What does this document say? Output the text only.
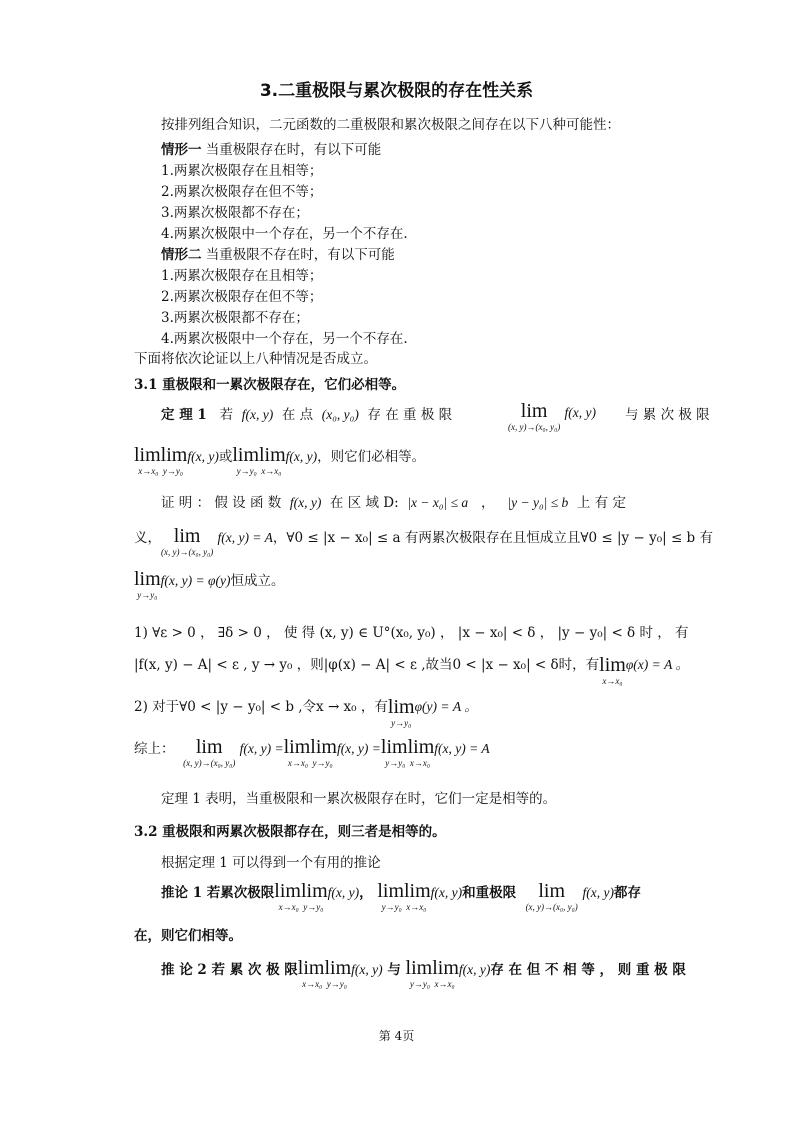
3.二重极限与累次极限的存在性关系
按排列组合知识，二元函数的二重极限和累次极限之间存在以下八种可能性：
情形一 当重极限存在时，有以下可能
1.两累次极限存在且相等；
2.两累次极限存在但不等；
3.两累次极限都不存在；
4.两累次极限中一个存在，另一个不存在.
情形二 当重极限不存在时，有以下可能
1.两累次极限存在且相等；
2.两累次极限存在但不等；
3.两累次极限都不存在；
4.两累次极限中一个存在，另一个不存在.
下面将依次论证以上八种情况是否成立。
3.1 重极限和一累次极限存在，它们必相等。
定 理 1 若 f(x, y) 在 点 (x₀, y₀) 存 在 重 极 限	lim
(x, y)→(x₀, y₀)
f(x, y) 与 累 次 极 限
limlim
x→x₀ y→y₀
f(x, y)或 limlim
y→y₀ x→x₀
f(x, y)，则它们必相等。
证 明 ： 假 设 函 数 f(x, y) 在 区 域 D: |x − x₀| ≤ a ， |y − y₀| ≤ b 上 有 定
义， lim
(x, y)→(x₀, y₀)
f(x, y) = A，∀0 ≤ |x − x₀| ≤ a 有两累次极限存在且恒成立且∀0 ≤ |y − y₀| ≤ b 有
lim
y→y₀
f(x, y) = φ(y)恒成立。
1) ∀ε > 0 ， ∃δ > 0 ， 使 得 (x, y) ∈ U°(x₀, y₀) ， |x − x₀| < δ ， |y − y₀| < δ 时 ， 有
|f(x, y) − A| < ε , y → y₀ ，则|φ(x) − A| < ε ,故当0 < |x − x₀| < δ时，有 lim
x→x₀
φ(x) = A 。
2) 对于∀0 < |y − y₀| < b ,令x → x₀ ，有 lim
y→y₀
φ(y) = A 。
综上：	lim
(x, y)→(x₀, y₀)
f(x, y) = limlim
x→x₀ y→y₀
f(x, y) = limlim
y→y₀ x→x₀
f(x, y) = A
定理 1 表明，当重极限和一累次极限存在时，它们一定是相等的。
3.2 重极限和两累次极限都存在，则三者是相等的。
根据定理 1 可以得到一个有用的推论
推论 1 若累次极限 limlim
x→x₀ y→y₀
f(x, y)， limlim
y→y₀ x→x₀
f(x, y)和重极限	lim
(x, y)→(x₀, y₀)
f(x, y)都存
在，则它们相等。
推 论 2 若 累 次 极 限 limlim
x→x₀ y→y₀
f(x, y) 与 limlim
y→y₀ x→x₀
f(x, y)存 在 但 不 相 等 ， 则 重 极 限
第 4页
